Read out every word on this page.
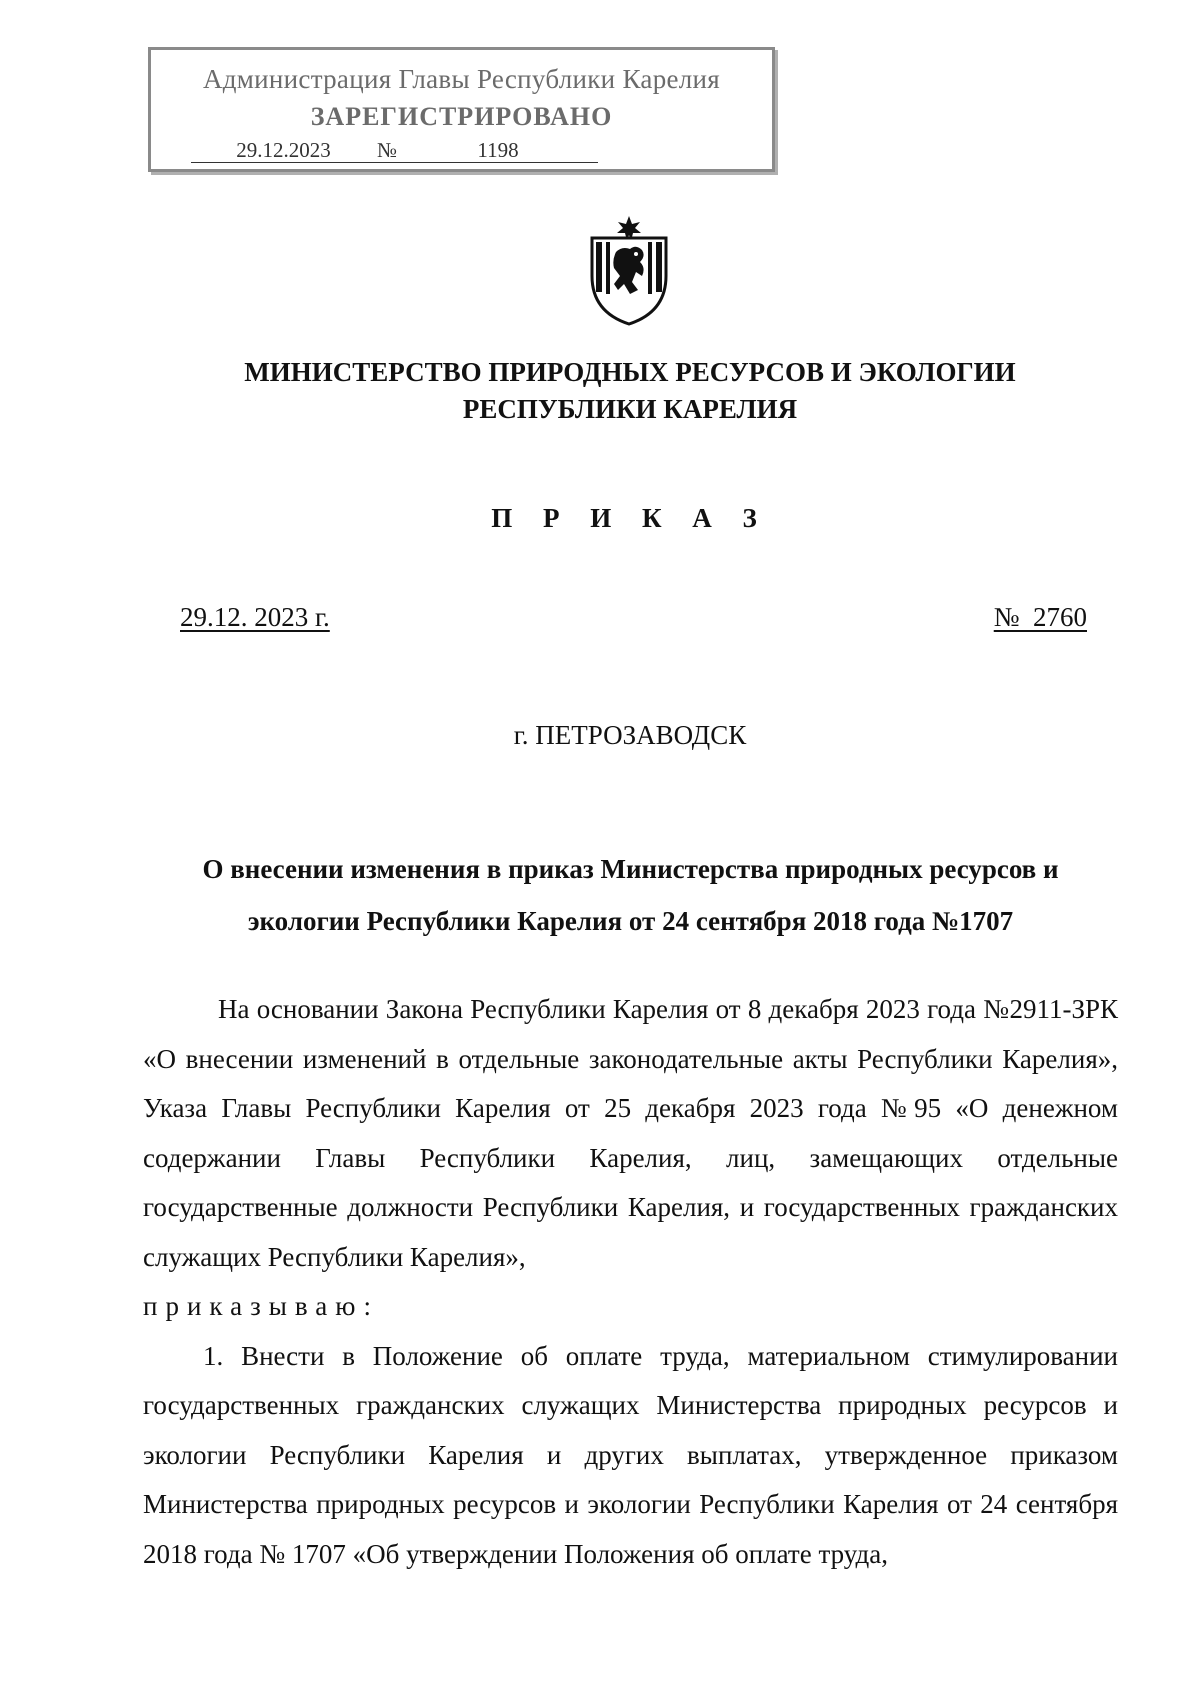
Администрация Главы Республики Карелия
ЗАРЕГИСТРИРОВАНО
29.12.2023 №	1198
МИНИСТЕРСТВО ПРИРОДНЫХ РЕСУРСОВ И ЭКОЛОГИИ
РЕСПУБЛИКИ КАРЕЛИЯ
П Р И К А З
29.12. 2023 г.	№  2760
г. ПЕТРОЗАВОДСК
О внесении изменения в приказ Министерства природных ресурсов и
экологии Республики Карелия от 24 сентября 2018 года №1707

На основании Закона Республики Карелия от 8 декабря 2023 года №2911-ЗРК «О внесении изменений в отдельные законодательные акты Республики Карелия», Указа Главы Республики Карелия от 25 декабря 2023 года №95 «О денежном содержании Главы Республики Карелия, лиц, замещающих отдельные государственные должности Республики Карелия, и государственных гражданских служащих Республики Карелия»,

приказываю:

1. Внести в Положение об оплате труда, материальном стимулировании государственных гражданских служащих Министерства природных ресурсов и экологии Республики Карелия и других выплатах, утвержденное приказом Министерства природных ресурсов и экологии Республики Карелия от 24 сентября 2018 года № 1707 «Об утверждении Положения об оплате труда,
